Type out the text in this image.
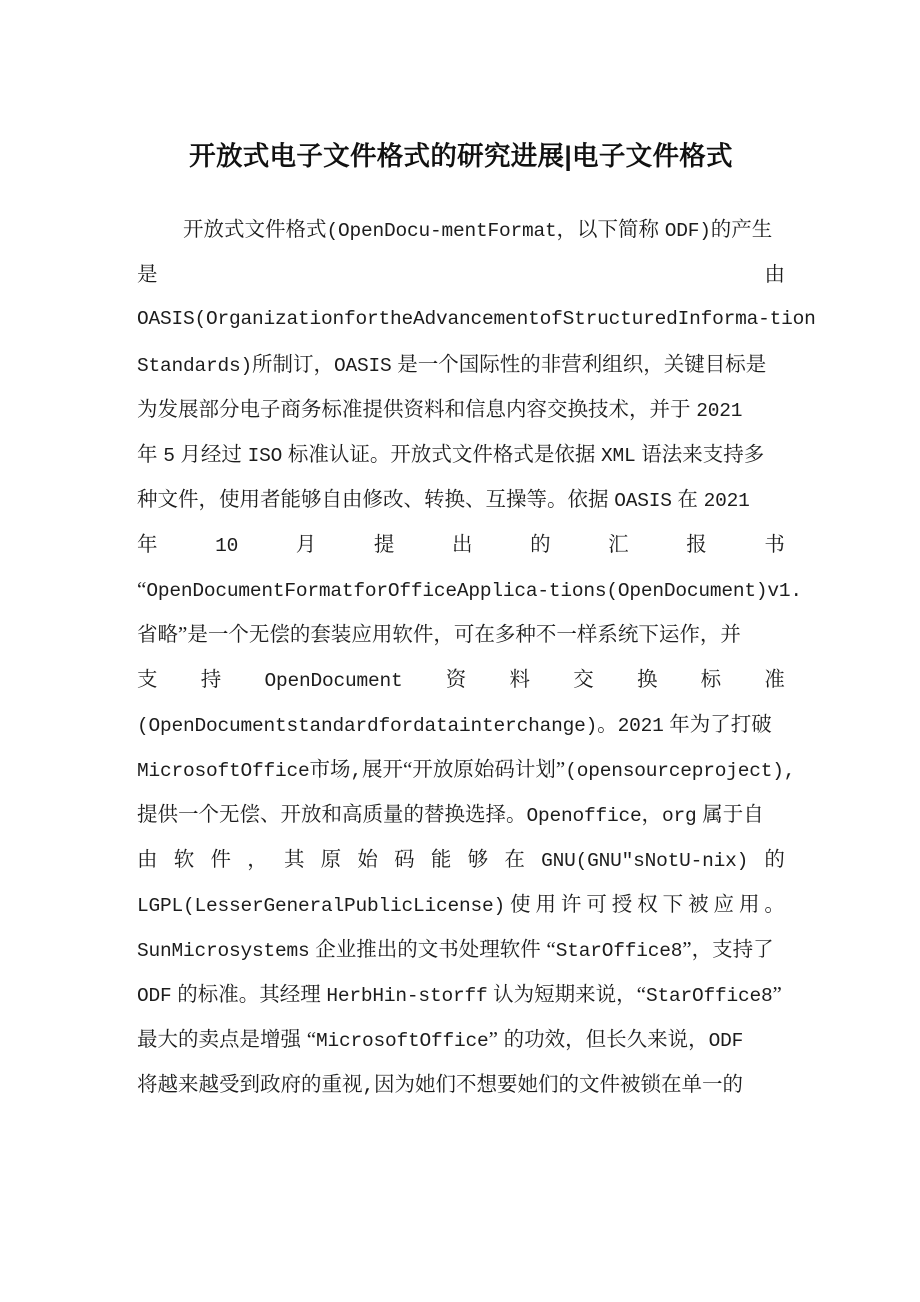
开放式电子文件格式的研究进展|电子文件格式
开放式文件格式(OpenDocu-mentFormat，以下简称 ODF)的产生
是	由
OASIS(OrganizationfortheAdvancementofStructuredInforma-tion
Standards)所制订，OASIS 是一个国际性的非营利组织，关键目标是
为发展部分电子商务标准提供资料和信息内容交换技术，并于 2021
年 5 月经过 ISO 标准认证。开放式文件格式是依据 XML 语法来支持多
种文件，使用者能够自由修改、转换、互操等。依据 OASIS 在 2021
年	10	月	提	出	的	汇	报	书
“OpenDocumentFormatforOfficeApplica-tions(OpenDocument)v1.
省略”是一个无偿的套装应用软件，可在多种不一样系统下运作，并
支 持 OpenDocument 资 料 交 换 标 准
(OpenDocumentstandardfordatainterchange)。2021 年为了打破
MicrosoftOffice市场,展开“开放原始码计划”(opensourceproject),
提供一个无偿、开放和高质量的替换选择。Openoffice，org 属于自
由 软 件 ， 其 原 始 码 能 够 在 GNU(GNU″sNotU-nix) 的
LGPL(LesserGeneralPublicLicense) 使 用 许 可 授 权 下 被 应 用 。
SunMicrosystems 企业推出的文书处理软件 “StarOffice8”，支持了
ODF 的标准。其经理 HerbHin-storff 认为短期来说，“StarOffice8”
最大的卖点是增强 “MicrosoftOffice” 的功效，但长久来说，ODF
将越来越受到政府的重视,因为她们不想要她们的文件被锁在单一的
